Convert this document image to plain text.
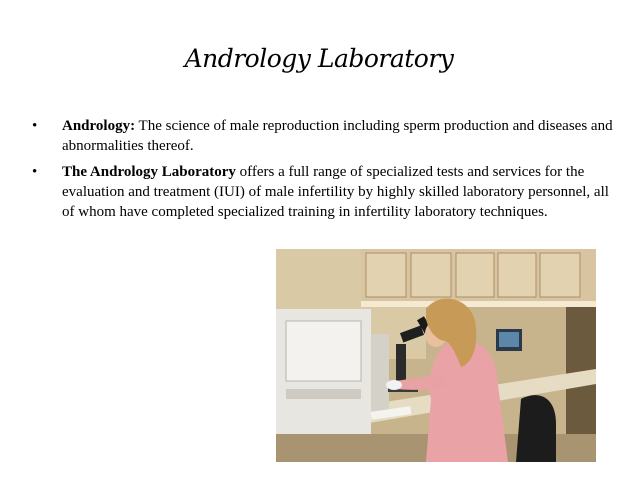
Andrology Laboratory
• Andrology: The science of male reproduction including sperm production and diseases and abnormalities thereof.
• The Andrology Laboratory offers a full range of specialized tests and services for the evaluation and treatment (IUI) of male infertility by highly skilled laboratory personnel, all of whom have completed specialized training in infertility laboratory techniques.
